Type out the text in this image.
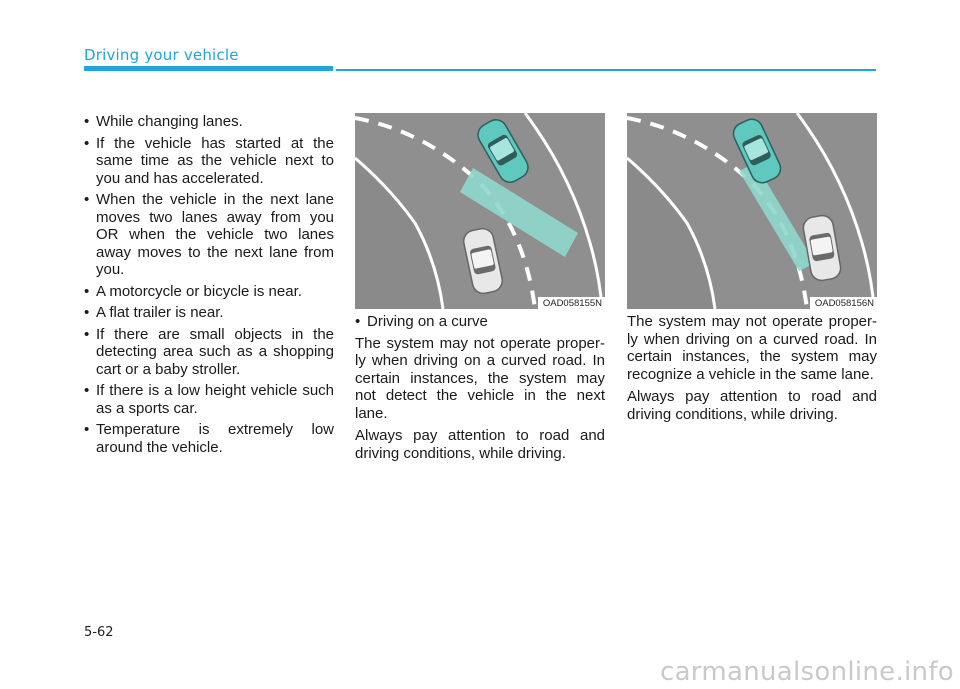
Driving your vehicle
• While changing lanes.
• If the vehicle has started at the same time as the vehicle next to you and has accelerated.
• When the vehicle in the next lane moves two lanes away from you OR when the vehicle two lanes away moves to the next lane from you.
• A motorcycle or bicycle is near.
• A flat trailer is near.
• If there are small objects in the detecting area such as a shopping cart or a baby stroller.
• If there is a low height vehicle such as a sports car.
• Temperature is extremely low around the vehicle.
OAD058155N	OAD058156N
• Driving on a curve

The system may not operate proper-ly when driving on a curved road. In certain instances, the system may not detect the vehicle in the next lane.

Always pay attention to road and driving conditions, while driving.

The system may not operate proper-ly when driving on a curved road. In certain instances, the system may recognize a vehicle in the same lane.

Always pay attention to road and driving conditions, while driving.

5-62
carmanualsonline.info
